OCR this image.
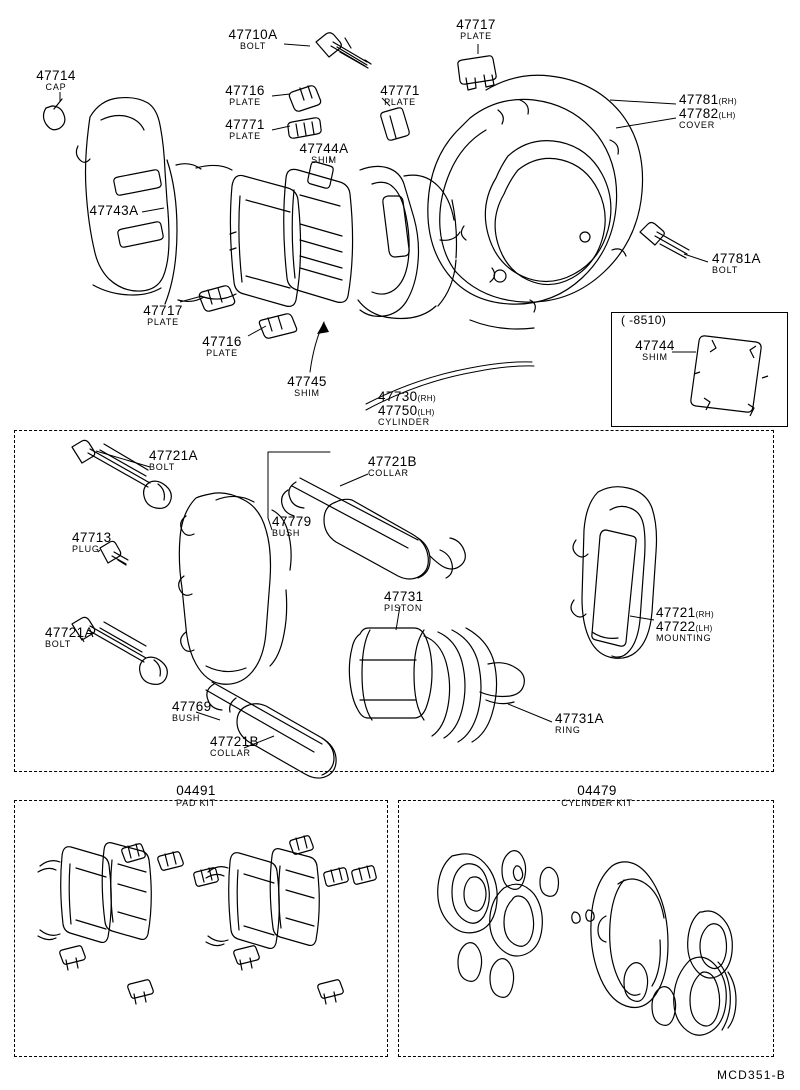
( -8510)
47714
CAP
47710A
BOLT
47717
PLATE
47716
PLATE
47771
PLATE
47771
PLATE
47744A
SHIM
47743A
47717
PLATE
47716
PLATE
47745
SHIM
47781(RH)
47782(LH)
COVER
47781A
BOLT
47744
SHIM
47730(RH)
47750(LH)
CYLINDER
47721A
BOLT	47721B
COLLAR
47713
PLUG
47779
BUSH
47731
PISTON	47721(RH)
47722(LH)
MOUNTING
47721A
BOLT
47731A
RING
47769
BUSH
47721B
COLLAR
04491
PAD KIT
04479
CYLINDER KIT
MCD351-B
